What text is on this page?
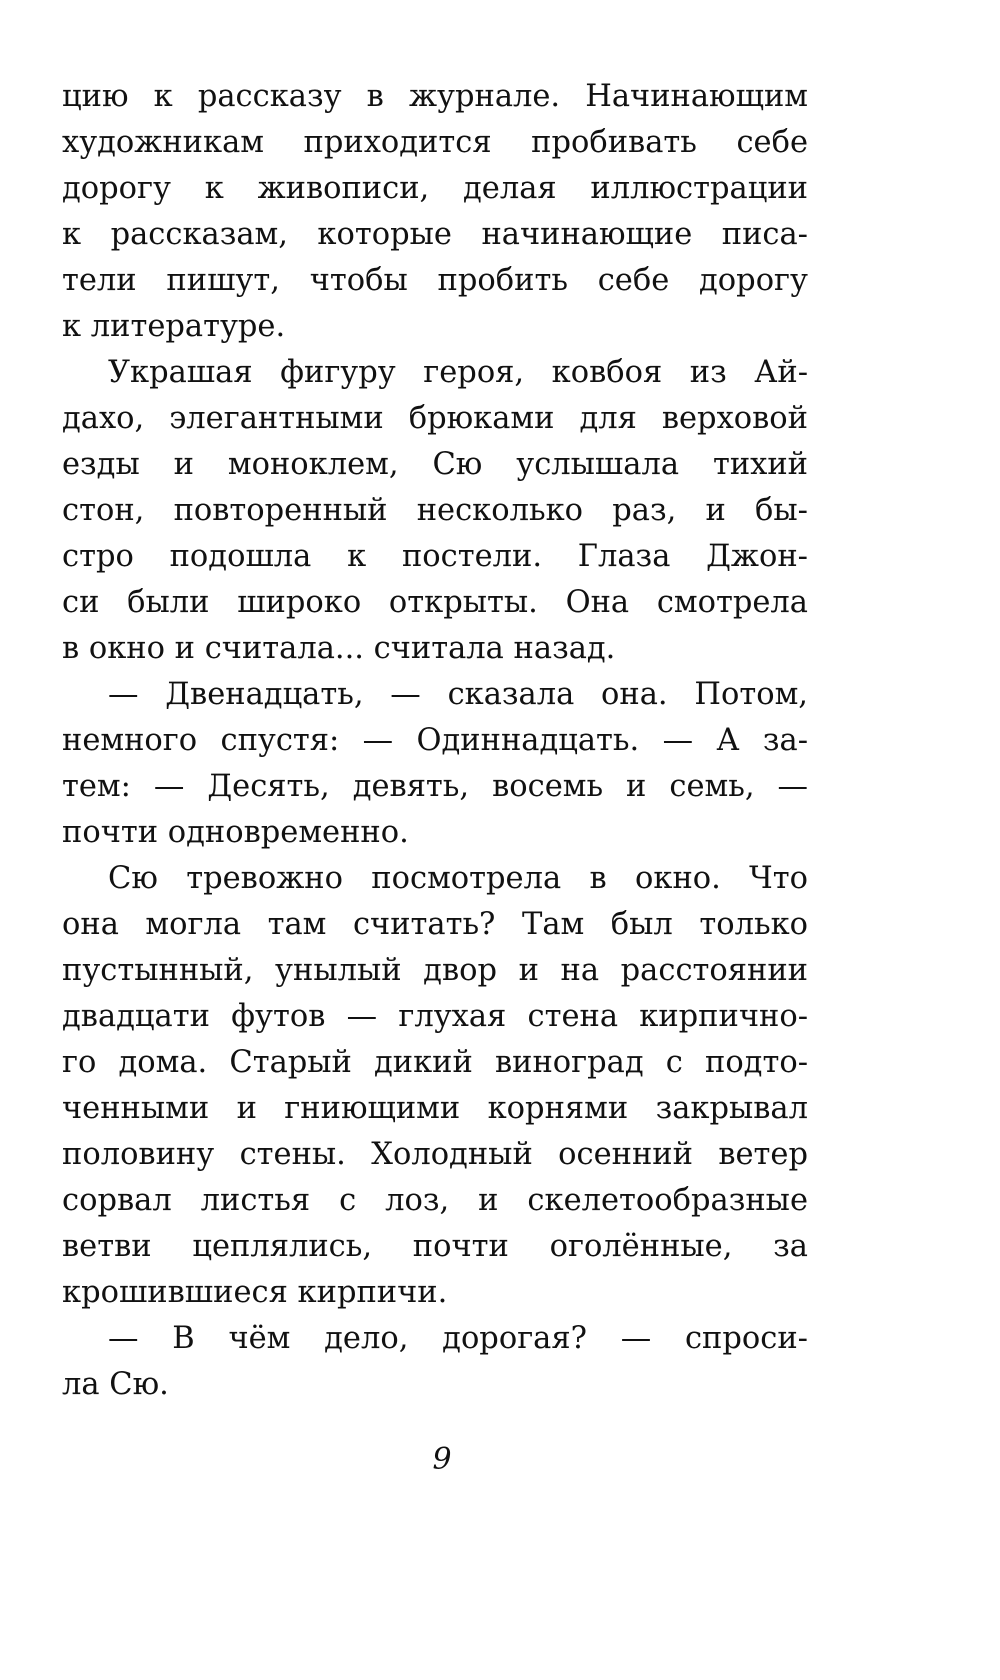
цию к рассказу в журнале. Начинающим
художникам приходится пробивать себе
дорогу к живописи, делая иллюстрации
к рассказам, которые начинающие писа-
тели пишут, чтобы пробить себе дорогу
к литературе.
Украшая фигуру героя, ковбоя из Ай-
дахо, элегантными брюками для верховой
езды и моноклем, Сю услышала тихий
стон, повторенный несколько раз, и бы-
стро подошла к постели. Глаза Джон-
си были широко открыты. Она смотрела
в окно и считала... считала назад.
— Двенадцать, — сказала она. Потом,
немного спустя: — Одиннадцать. — А за-
тем: — Десять, девять, восемь и семь, —
почти одновременно.
Сю тревожно посмотрела в окно. Что
она могла там считать? Там был только
пустынный, унылый двор и на расстоянии
двадцати футов — глухая стена кирпично-
го дома. Старый дикий виноград с подто-
ченными и гниющими корнями закрывал
половину стены. Холодный осенний ветер
сорвал листья с лоз, и скелетообразные
ветви цеплялись, почти оголённые, за
крошившиеся кирпичи.
— В чём дело, дорогая? — спроси-
ла Сю.
9
